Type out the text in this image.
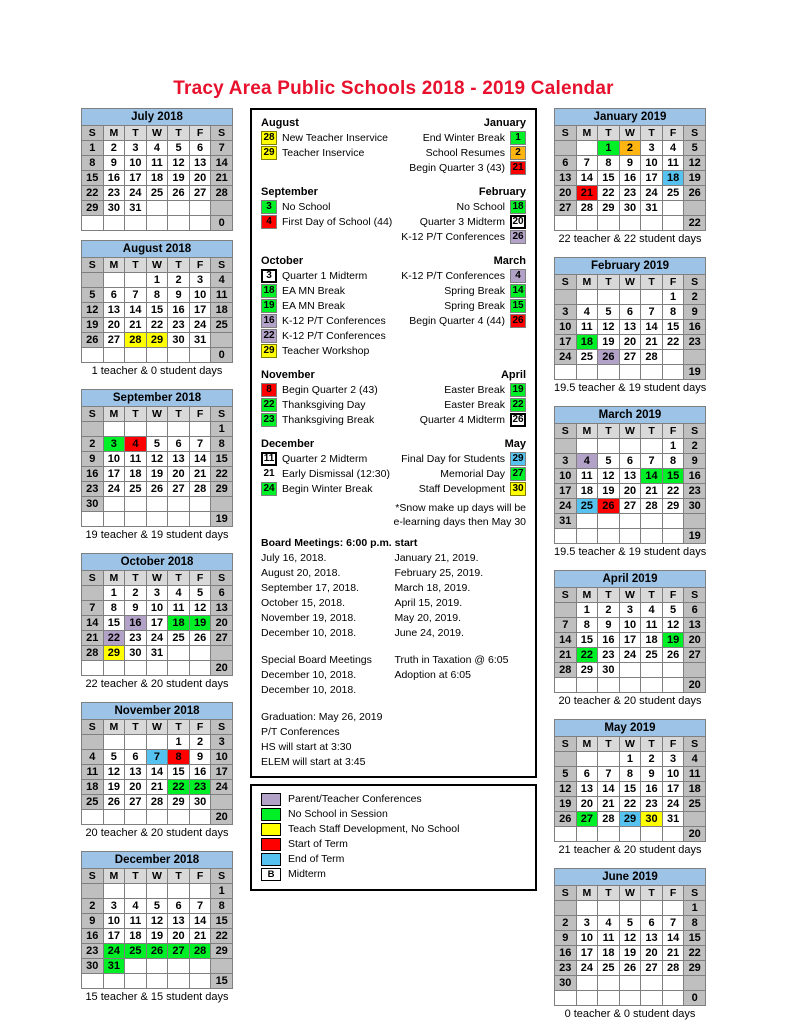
Tracy Area Public Schools 2018 - 2019 Calendar
July 2018
S	M	T	W	T	F	S
1	2	3	4	5	6	7
8	9	10	11	12	13	14
15	16	17	18	19	20	21
22	23	24	25	26	27	28
29	30	31				
						0
August 2018
S	M	T	W	T	F	S
			1	2	3	4
5	6	7	8	9	10	11
12	13	14	15	16	17	18
19	20	21	22	23	24	25
26	27	28	29	30	31	
						0
1 teacher & 0 student days
September 2018
S	M	T	W	T	F	S
						1
2	3	4	5	6	7	8
9	10	11	12	13	14	15
16	17	18	19	20	21	22
23	24	25	26	27	28	29
30						
						19
19 teacher & 19 student days
October 2018
S	M	T	W	T	F	S
	1	2	3	4	5	6
7	8	9	10	11	12	13
14	15	16	17	18	19	20
21	22	23	24	25	26	27
28	29	30	31			
						20
22 teacher & 20 student days
November 2018
S	M	T	W	T	F	S
				1	2	3
4	5	6	7	8	9	10
11	12	13	14	15	16	17
18	19	20	21	22	23	24
25	26	27	28	29	30	
						20
20 teacher & 20 student days
December 2018
S	M	T	W	T	F	S
						1
2	3	4	5	6	7	8
9	10	11	12	13	14	15
16	17	18	19	20	21	22
23	24	25	26	27	28	29
30	31					
						15
15 teacher & 15 student days
August	January
28 New Teacher Inservice
29 Teacher Inservice
1
End Winter Break
2
School Resumes
21
Begin Quarter 3 (43)
September	February
3 No School
4 First Day of School (44)
18
No School
20
Quarter 3 Midterm
26
K-12 P/T Conferences
October	March
3 Quarter 1 Midterm
18 EA MN Break
19 EA MN Break
16 K-12 P/T Conferences
22 K-12 P/T Conferences
29 Teacher Workshop
4
K-12 P/T Conferences
14
Spring Break
15
Spring Break
26
Begin Quarter 4 (44)
November	April
8 Begin Quarter 2 (43)
22 Thanksgiving Day
23 Thanksgiving Break
19
Easter Break
22
Easter Break
26
Quarter 4 Midterm
December	May
11 Quarter 2 Midterm
21 Early Dismissal (12:30)
24 Begin Winter Break
29
Final Day for Students
27
Memorial Day
30
Staff Development
*Snow make up days will be
e-learning days then May 30
Board Meetings: 6:00 p.m. start
July 16, 2018.
August 20, 2018.
September 17, 2018.
October 15, 2018.
November 19, 2018.
December 10, 2018.
January 21, 2019.
February 25, 2019.
March 18, 2019.
April 15, 2019.
May 20, 2019.
June 24, 2019.
Special Board Meetings
December 10, 2018.
December 10, 2018.
Truth in Taxation @ 6:05
Adoption at 6:05
Graduation: May 26, 2019
P/T Conferences
HS will start at 3:30
ELEM will start at 3:45
Parent/Teacher Conferences
No School in Session
Teach Staff Development, No School
Start of Term
End of Term
B	Midterm
January 2019
S	M	T	W	T	F	S
		1	2	3	4	5
6	7	8	9	10	11	12
13	14	15	16	17	18	19
20	21	22	23	24	25	26
27	28	29	30	31		
						22
22 teacher & 22 student days
February 2019
S	M	T	W	T	F	S
					1	2
3	4	5	6	7	8	9
10	11	12	13	14	15	16
17	18	19	20	21	22	23
24	25	26	27	28		
						19
19.5 teacher & 19 student days
March 2019
S	M	T	W	T	F	S
					1	2
3	4	5	6	7	8	9
10	11	12	13	14	15	16
17	18	19	20	21	22	23
24	25	26	27	28	29	30
31						
						19
19.5 teacher & 19 student days
April 2019
S	M	T	W	T	F	S
	1	2	3	4	5	6
7	8	9	10	11	12	13
14	15	16	17	18	19	20
21	22	23	24	25	26	27
28	29	30				
						20
20 teacher & 20 student days
May 2019
S	M	T	W	T	F	S
			1	2	3	4
5	6	7	8	9	10	11
12	13	14	15	16	17	18
19	20	21	22	23	24	25
26	27	28	29	30	31	
						20
21 teacher & 20 student days
June 2019
S	M	T	W	T	F	S
						1
2	3	4	5	6	7	8
9	10	11	12	13	14	15
16	17	18	19	20	21	22
23	24	25	26	27	28	29
30						
						0
0 teacher & 0 student days
